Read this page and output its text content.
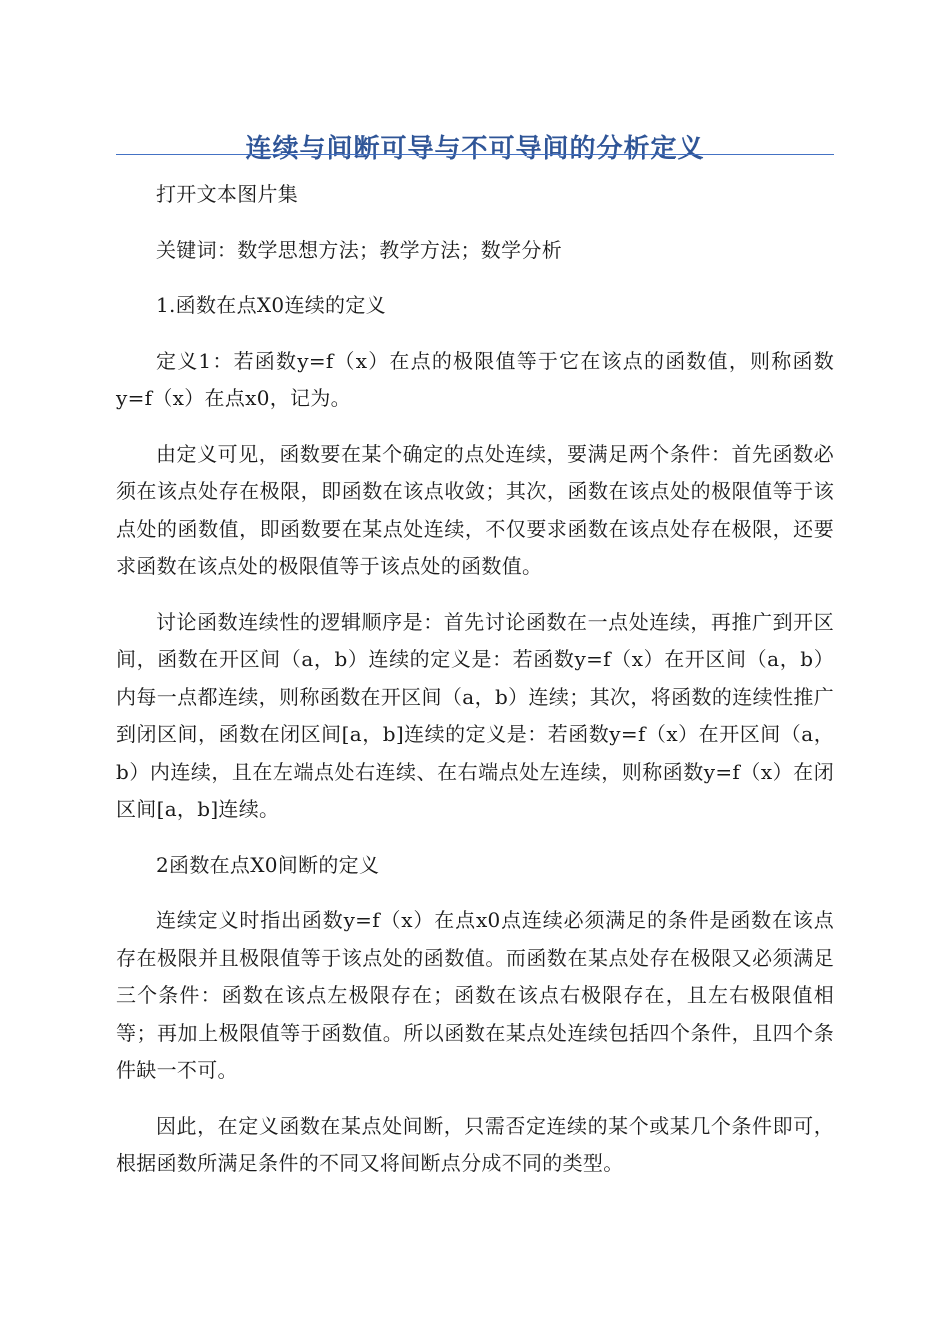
连续与间断可导与不可导间的分析定义

打开文本图片集

关键词：数学思想方法；教学方法；数学分析

1.函数在点X0连续的定义

定义1：若函数y=f（x）在点的极限值等于它在该点的函数值，则称函数y=f（x）在点x0，记为。

由定义可见，函数要在某个确定的点处连续，要满足两个条件：首先函数必须在该点处存在极限，即函数在该点收敛；其次，函数在该点处的极限值等于该点处的函数值，即函数要在某点处连续，不仅要求函数在该点处存在极限，还要求函数在该点处的极限值等于该点处的函数值。

讨论函数连续性的逻辑顺序是：首先讨论函数在一点处连续，再推广到开区间，函数在开区间（a，b）连续的定义是：若函数y=f（x）在开区间（a，b）内每一点都连续，则称函数在开区间（a，b）连续；其次，将函数的连续性推广到闭区间，函数在闭区间[a，b]连续的定义是：若函数y=f（x）在开区间（a，b）内连续，且在左端点处右连续、在右端点处左连续，则称函数y=f（x）在闭区间[a，b]连续。

2函数在点X0间断的定义

连续定义时指出函数y=f（x）在点x0点连续必须满足的条件是函数在该点存在极限并且极限值等于该点处的函数值。而函数在某点处存在极限又必须满足三个条件：函数在该点左极限存在；函数在该点右极限存在，且左右极限值相等；再加上极限值等于函数值。所以函数在某点处连续包括四个条件，且四个条件缺一不可。

因此，在定义函数在某点处间断，只需否定连续的某个或某几个条件即可，根据函数所满足条件的不同又将间断点分成不同的类型。
